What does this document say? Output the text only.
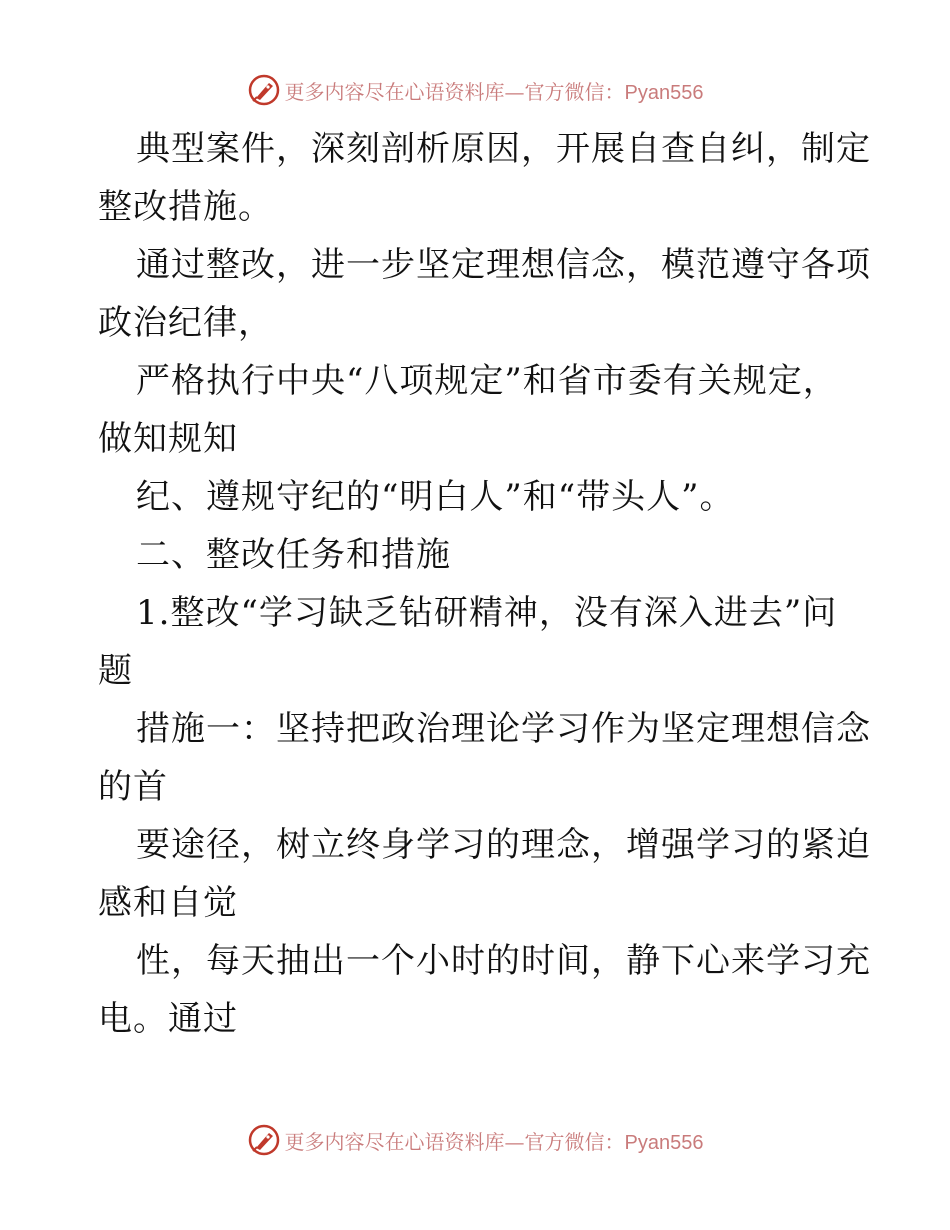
更多内容尽在心语资料库—官方微信：Pyan556
典型案件，深刻剖析原因，开展自查自纠，制定
整改措施。
通过整改，进一步坚定理想信念，模范遵守各项
政治纪律，
严格执行中央“八项规定”和省市委有关规定，
做知规知
纪、遵规守纪的“明白人”和“带头人”。
二、整改任务和措施
1.整改“学习缺乏钻研精神，没有深入进去”问
题
措施一：坚持把政治理论学习作为坚定理想信念
的首
要途径，树立终身学习的理念，增强学习的紧迫
感和自觉
性，每天抽出一个小时的时间，静下心来学习充
电。通过
更多内容尽在心语资料库—官方微信：Pyan556
